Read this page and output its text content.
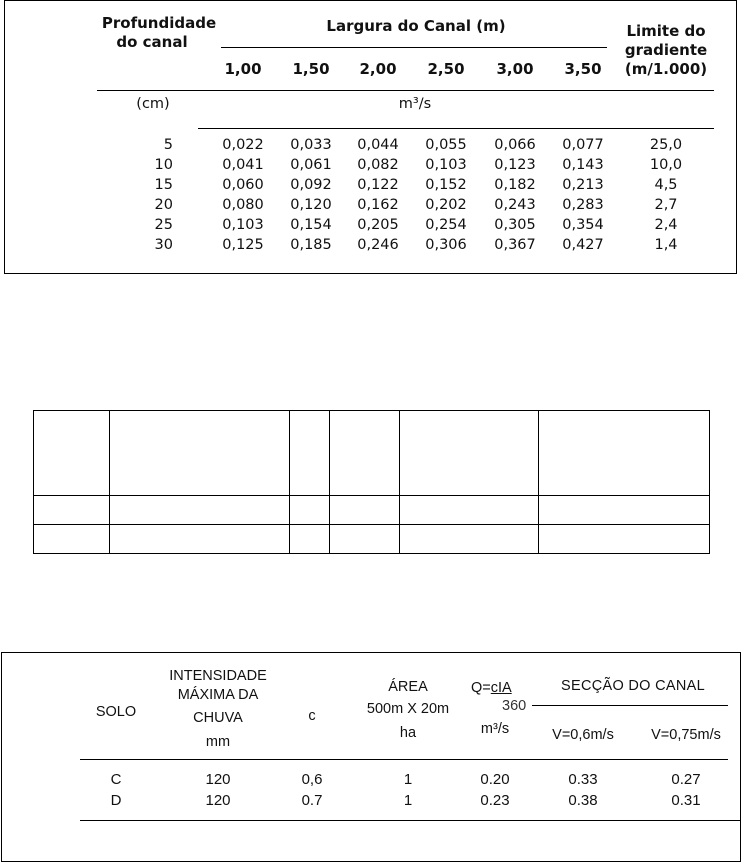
Profundidade
do canal
Largura do Canal (m)	Limite do
gradiente
(m/1.000)
1,00 1,50 2,00 2,50 3,00 3,50
(cm)	m³/s
5	0,022 0,033 0,044 0,055 0,066 0,077	25,0
10	0,041 0,061 0,082 0,103 0,123 0,143	10,0
15	0,060 0,092 0,122 0,152 0,182 0,213	4,5
20	0,080 0,120 0,162 0,202 0,243 0,283	2,7
25	0,103 0,154 0,205 0,254 0,305 0,354	2,4
30	0,125 0,185 0,246 0,306 0,367 0,427	1,4

SOLO
INTENSIDADE
MÁXIMA DA
CHUVA
mm
c
ÁREA
500m X 20m
ha
Q=cIA
360
m³/s
SECÇÃO DO CANAL
V=0,6m/s	V=0,75m/s
C	120	0,6	1	0.20	0.33	0.27
D	120	0.7	1	0.23	0.38	0.31
